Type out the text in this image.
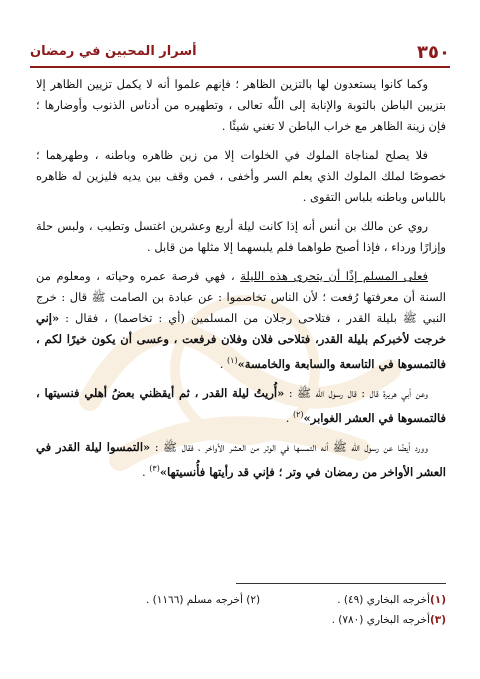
٣٥٠
أسرار المحبين في رمضان

وكما كانوا يستعدون لها بالتزين الظاهر ؛ فإنهم علموا أنه لا يكمل تزيين الظاهر إلا بتزيين الباطن بالتوبة والإنابة إلى اللّٰه تعالى ، وتطهيره من أدناس الذنوب وأوضارها ؛ فإن زينة الظاهر مع خراب الباطن لا تغني شيئًا .

فلا يصلح لمناجاة الملوك في الخلوات إلا من زين ظاهره وباطنه ، وطهرهما ؛ خصوصًا لملك الملوك الذي يعلم السر وأخفى ، فمن وقف بين يديه فليزين له ظاهره باللباس وباطنه بلباس التقوى .

روي عن مالك بن أنس أنه إذا كانت ليلة أربع وعشرين اغتسل وتطيب ، ولبس حلة وإزارًا ورداء ، فإذا أصبح طواهما فلم يلبسهما إلا مثلها من قابل .

فعلى المسلم إذًا أن يتحرى هذه الليلة ، فهي فرصة عمره وحياته ، ومعلوم من السنة أن معرفتها رُفعت ؛ لأن الناس تخاصموا : عن عبادة بن الصامت ﷺ قال : خرج النبي ﷺ بليلة القدر ، فتلاحى رجلان من المسلمين (أي : تخاصما) ، فقال : «إني خرجت لأخبركم بليلة القدر، فتلاحى فلان وفلان فرفعت ، وعسى أن يكون خيرًا لكم ، فالتمسوها في التاسعة والسابعة والخامسة»$^{(١)}$ .

وعن أبي هريرة قال : قال رسول اللّٰه ﷺ : «أُريتُ ليلة القدر ، ثم أيقظني بعضُ أهلي فنسيتها ، فالتمسوها في العشر الغوابر»$^{(٢)}$ .

وورد أيضًا عن رسول اللّٰه ﷺ أنه التمسها في الوتر من العشر الأواخر ، فقال ﷺ : «التمسوا ليلة القدر في العشر الأواخر من رمضان في وتر ؛ فإني قد رأيتها فأُنسيتها»$^{(٣)}$ .

(١)أخرجه البخاري (٤٩) .
(٢) أخرجه مسلم (١١٦٦) .
(٣)أخرجه البخاري (٧٨٠) .
